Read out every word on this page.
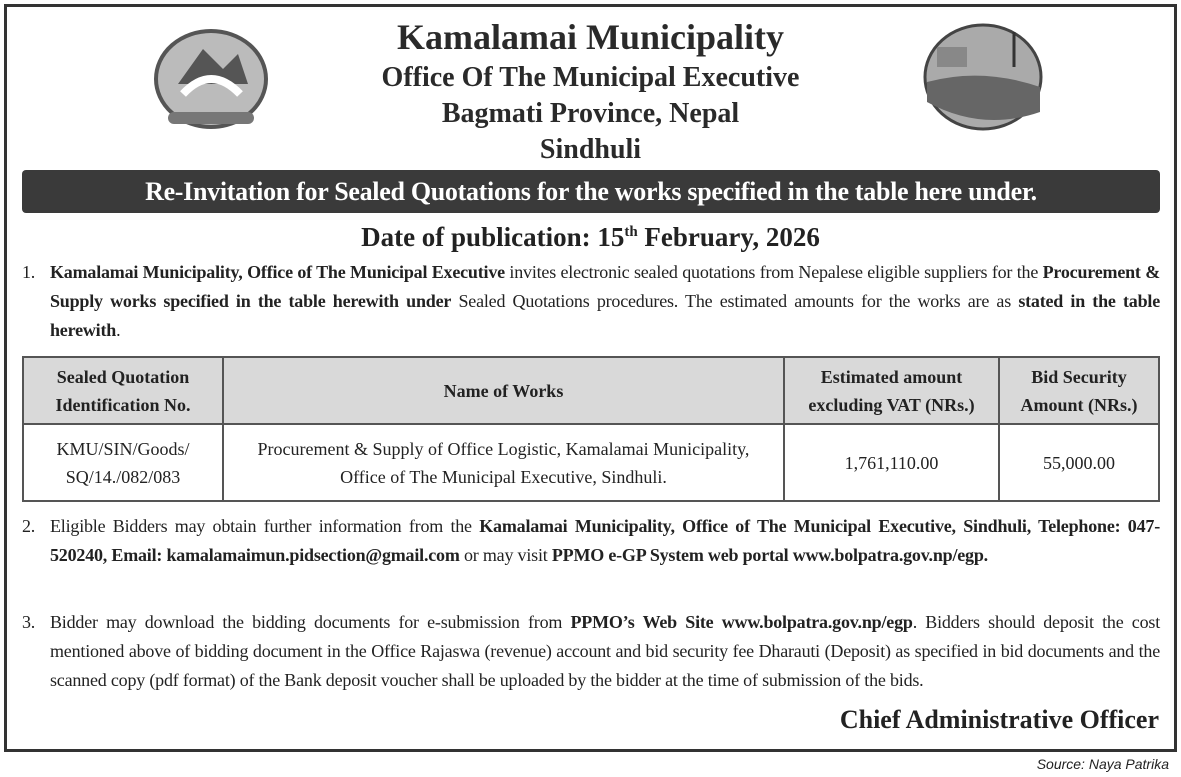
Kamalamai Municipality
Office Of The Municipal Executive
Bagmati Province, Nepal
Sindhuli
Re-Invitation for Sealed Quotations for the works specified in the table here under.
Date of publication: 15th February, 2026
1. Kamalamai Municipality, Office of The Municipal Executive invites electronic sealed quotations from Nepalese eligible suppliers for the Procurement & Supply works specified in the table herewith under Sealed Quotations procedures. The estimated amounts for the works are as stated in the table herewith.
Sealed Quotation Identification No.	Name of Works	Estimated amount excluding VAT (NRs.)	Bid Security Amount (NRs.)
KMU/SIN/Goods/ SQ/14./082/083	Procurement & Supply of Office Logistic, Kamalamai Municipality, Office of The Municipal Executive, Sindhuli.	1,761,110.00	55,000.00
2. Eligible Bidders may obtain further information from the Kamalamai Municipality, Office of The Municipal Executive, Sindhuli, Telephone: 047-520240, Email: kamalamaimun.pidsection@gmail.com or may visit PPMO e-GP System web portal www.bolpatra.gov.np/egp.
3. Bidder may download the bidding documents for e-submission from PPMO’s Web Site www.bolpatra.gov.np/egp. Bidders should deposit the cost mentioned above of bidding document in the Office Rajaswa (revenue) account and bid security fee Dharauti (Deposit) as specified in bid documents and the scanned copy (pdf format) of the Bank deposit voucher shall be uploaded by the bidder at the time of submission of the bids.
Chief Administrative Officer
Source: Naya Patrika
